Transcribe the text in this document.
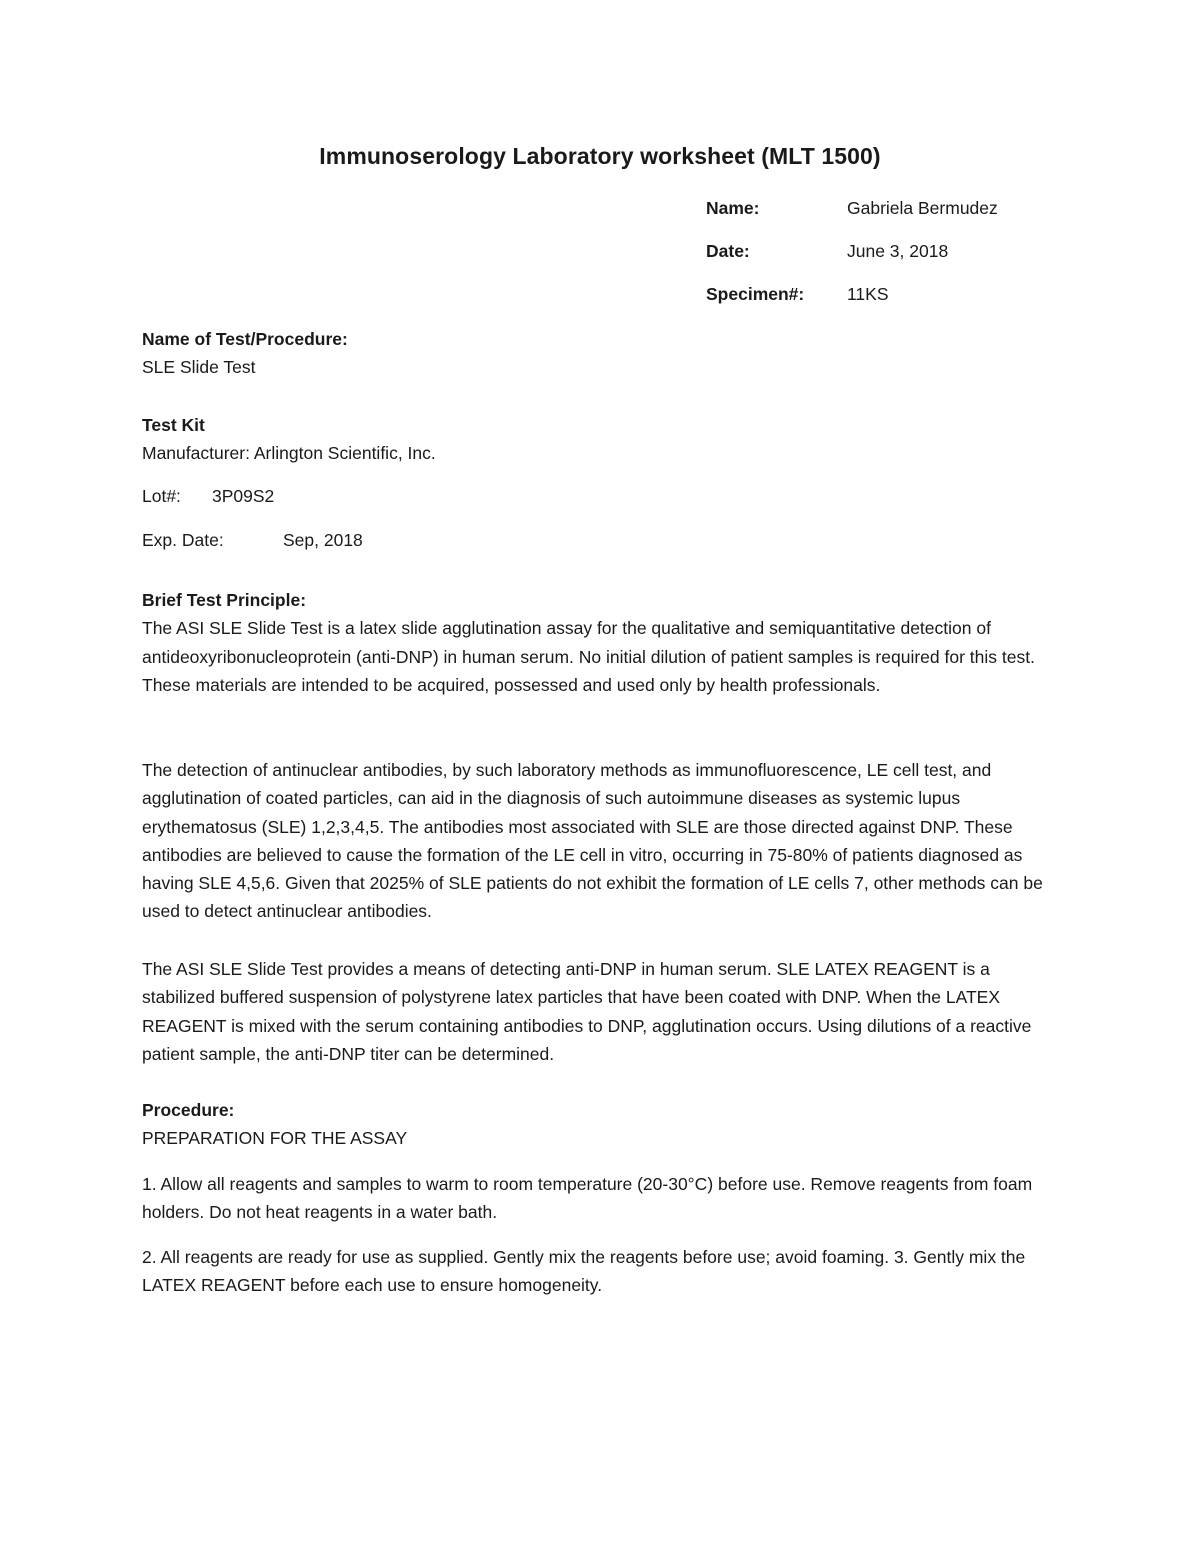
Immunoserology Laboratory worksheet (MLT 1500)
Name:	Gabriela Bermudez
Date:	June 3, 2018
Specimen#: 11KS
Name of Test/Procedure:
SLE Slide Test
Test Kit
Manufacturer: Arlington Scientific, Inc.
Lot#: 3P09S2
Exp. Date:	Sep, 2018
Brief Test Principle:

The ASI SLE Slide Test is a latex slide agglutination assay for the qualitative and semiquantitative detection of antideoxyribonucleoprotein (anti-DNP) in human serum. No initial dilution of patient samples is required for this test. These materials are intended to be acquired, possessed and used only by health professionals.

The detection of antinuclear antibodies, by such laboratory methods as immunofluorescence, LE cell test, and agglutination of coated particles, can aid in the diagnosis of such autoimmune diseases as systemic lupus erythematosus (SLE) 1,2,3,4,5. The antibodies most associated with SLE are those directed against DNP. These antibodies are believed to cause the formation of the LE cell in vitro, occurring in 75-80% of patients diagnosed as having SLE 4,5,6. Given that 2025% of SLE patients do not exhibit the formation of LE cells 7, other methods can be used to detect antinuclear antibodies.

The ASI SLE Slide Test provides a means of detecting anti-DNP in human serum. SLE LATEX REAGENT is a stabilized buffered suspension of polystyrene latex particles that have been coated with DNP. When the LATEX REAGENT is mixed with the serum containing antibodies to DNP, agglutination occurs. Using dilutions of a reactive patient sample, the anti-DNP titer can be determined.

Procedure:
PREPARATION FOR THE ASSAY

1. Allow all reagents and samples to warm to room temperature (20-30°C) before use. Remove reagents from foam holders. Do not heat reagents in a water bath.

2. All reagents are ready for use as supplied. Gently mix the reagents before use; avoid foaming. 3. Gently mix the LATEX REAGENT before each use to ensure homogeneity.
